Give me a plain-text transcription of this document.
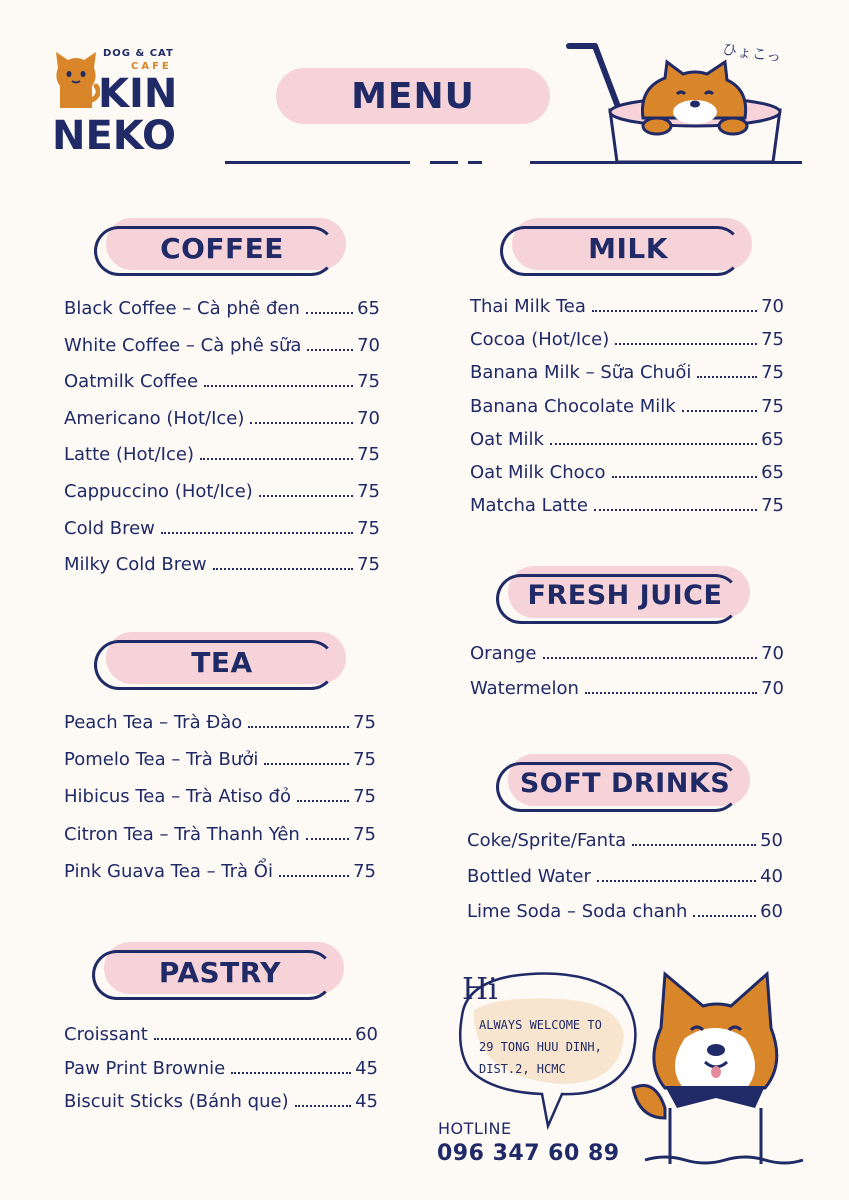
DOG & CAT
CAFE
KIN
NEKO
MENU
ひょこっ
COFFEE
Black Coffee – Cà phê đen	65
White Coffee – Cà phê sữa	70
Oatmilk Coffee	75
Americano (Hot/Ice)	70
Latte (Hot/Ice)	75
Cappuccino (Hot/Ice)	75
Cold Brew	75
Milky Cold Brew	75
TEA
Peach Tea – Trà Đào	75
Pomelo Tea – Trà Bưởi	75
Hibicus Tea – Trà Atiso đỏ	75
Citron Tea – Trà Thanh Yên	75
Pink Guava Tea – Trà Ổi	75
PASTRY
Croissant	60
Paw Print Brownie	45
Biscuit Sticks (Bánh que)	45
MILK
Thai Milk Tea	70
Cocoa (Hot/Ice)	75
Banana Milk – Sữa Chuối	75
Banana Chocolate Milk	75
Oat Milk	65
Oat Milk Choco	65
Matcha Latte	75
FRESH JUICE
Orange	70
Watermelon	70
SOFT DRINKS
Coke/Sprite/Fanta	50
Bottled Water	40
Lime Soda – Soda chanh	60
Hi
ALWAYS WELCOME TO
29 TONG HUU DINH,
DIST.2, HCMC
HOTLINE
096 347 60 89
